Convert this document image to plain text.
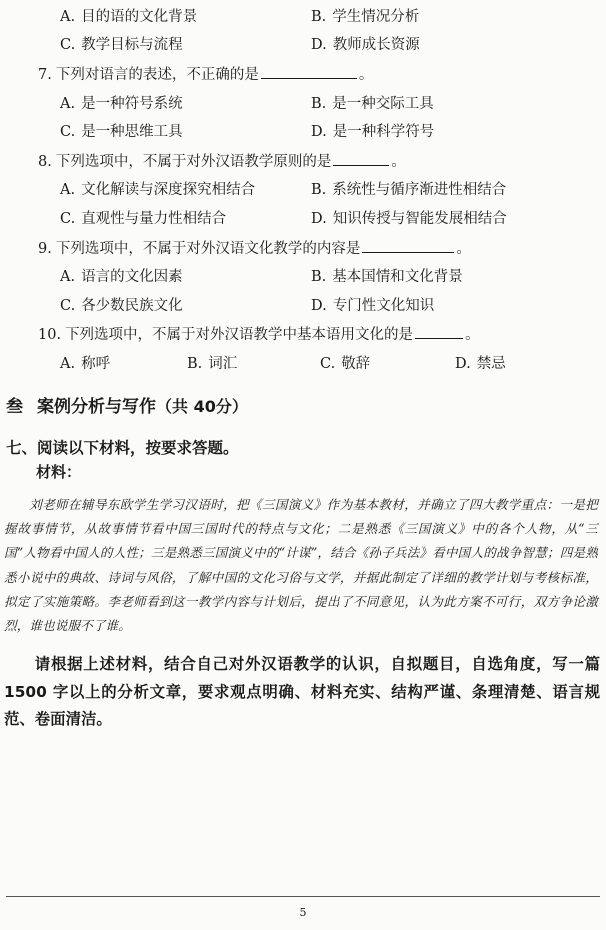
A. 目的语的文化背景	B. 学生情况分析
C. 教学目标与流程	D. 教师成长资源
7. 下列对语言的表述，不正确的是	。
A. 是一种符号系统	B. 是一种交际工具
C. 是一种思维工具	D. 是一种科学符号
8. 下列选项中，不属于对外汉语教学原则的是	。
A. 文化解读与深度探究相结合	B. 系统性与循序渐进性相结合
C. 直观性与量力性相结合	D. 知识传授与智能发展相结合
9. 下列选项中，不属于对外汉语文化教学的内容是	。
A. 语言的文化因素	B. 基本国情和文化背景
C. 各少数民族文化	D. 专门性文化知识
10. 下列选项中，不属于对外汉语教学中基本语用文化的是	。
A. 称呼	B. 词汇	C. 敬辞	D. 禁忌
叁 案例分析与写作（共 40分）
七、阅读以下材料，按要求答题。
材料：
刘老师在辅导东欧学生学习汉语时，把《三国演义》作为基本教材，并确立了四大教学重点：一是把握故事情节，从故事情节看中国三国时代的特点与文化；二是熟悉《三国演义》中的各个人物，从“三国”人物看中国人的人性；三是熟悉三国演义中的“计谋”，结合《孙子兵法》看中国人的战争智慧；四是熟悉小说中的典故、诗词与风俗，了解中国的文化习俗与文学，并据此制定了详细的教学计划与考核标准，拟定了实施策略。李老师看到这一教学内容与计划后，提出了不同意见，认为此方案不可行，双方争论激烈，谁也说服不了谁。
请根据上述材料，结合自己对外汉语教学的认识，自拟题目，自选角度，写一篇 1500 字以上的分析文章，要求观点明确、材料充实、结构严谨、条理清楚、语言规范、卷面清洁。
5
